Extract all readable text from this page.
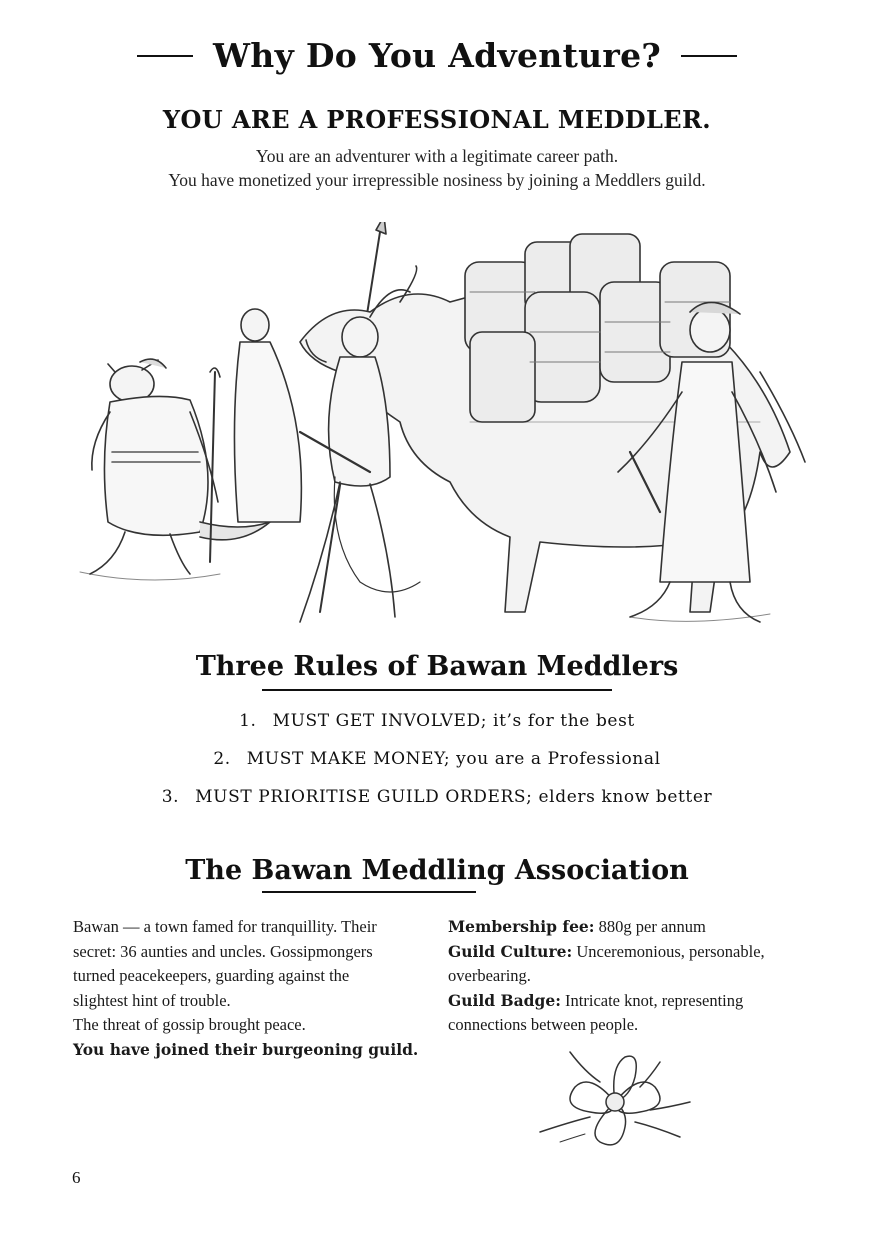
Why Do You Adventure?
YOU ARE A PROFESSIONAL MEDDLER.
You are an adventurer with a legitimate career path.
You have monetized your irrepressible nosiness by joining a Meddlers guild.
Three Rules of Bawan Meddlers
1. MUST GET INVOLVED; it’s for the best
2. MUST MAKE MONEY; you are a Professional
3. MUST PRIORITISE GUILD ORDERS; elders know better
The Bawan Meddling Association
Bawan — a town famed for tranquillity. Their
secret: 36 aunties and uncles. Gossipmongers
turned peacekeepers, guarding against the
slightest hint of trouble.
The threat of gossip brought peace.
You have joined their burgeoning guild.
Membership fee: 880g per annum
Guild Culture: Unceremonious, personable, overbearing.
Guild Badge: Intricate knot, representing connections between people.
6
